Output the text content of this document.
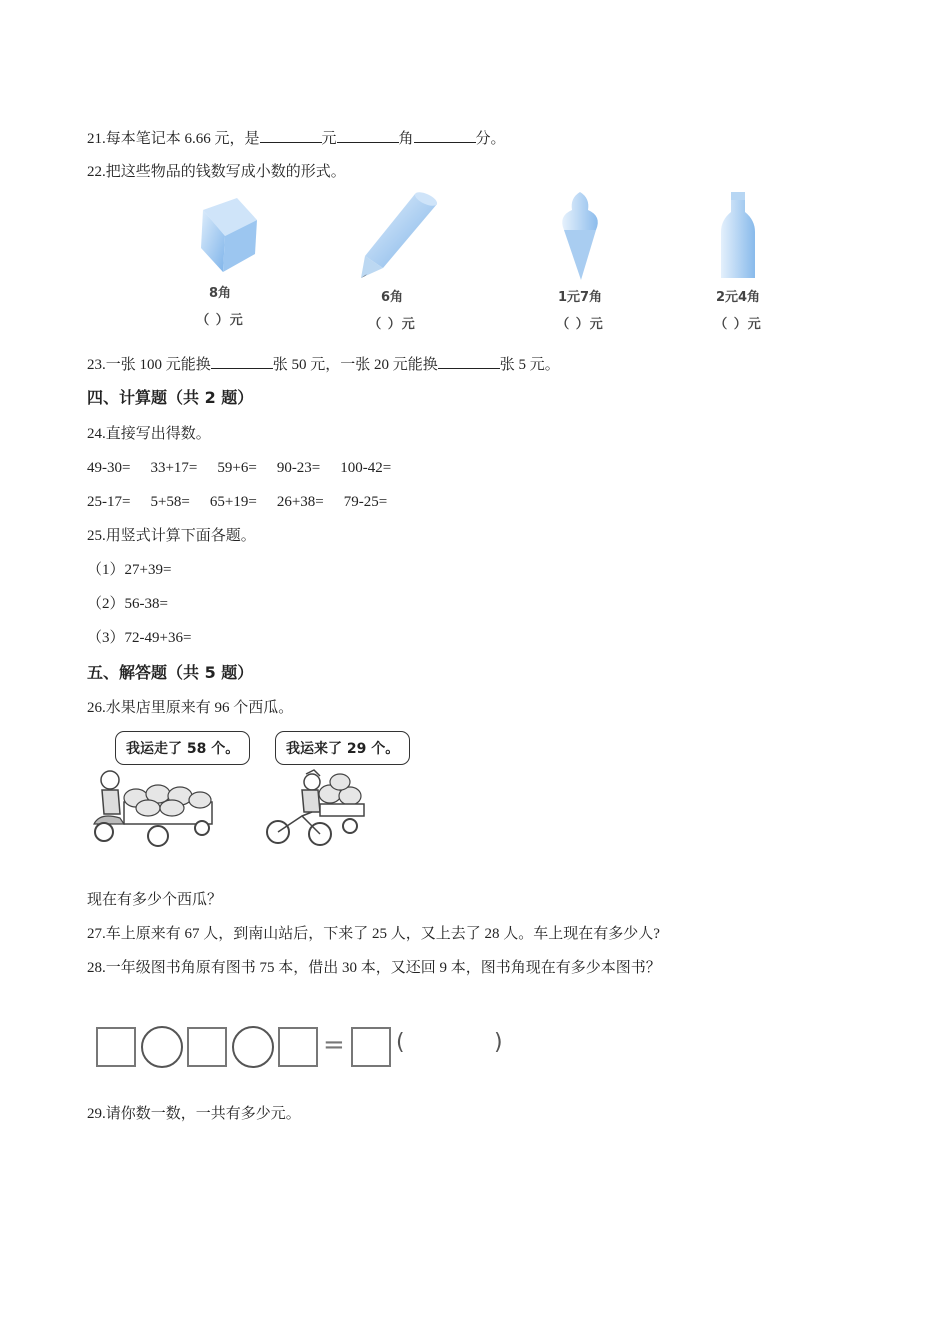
21.每本笔记本 6.66 元，是	元	角	分。
22.把这些物品的钱数写成小数的形式。
8角
（ ）元
6角
（ ）元
1元7角
（ ）元
2元4角
（ ）元
23.一张 100 元能换	张 50 元，一张 20 元能换	张 5 元。
四、计算题（共 2 题）
24.直接写出得数。
49-30= 33+17= 59+6= 90-23= 100-42=
25-17= 5+58= 65+19= 26+38= 79-25=
25.用竖式计算下面各题。
（1）27+39=
（2）56-38=
（3）72-49+36=
五、解答题（共 5 题）
26.水果店里原来有 96 个西瓜。
我运走了 58 个。	我运来了 29 个。
现在有多少个西瓜？
27.车上原来有 67 人，到南山站后，下来了 25 人，又上去了 28 人。车上现在有多少人?
28.一年级图书角原有图书 75 本，借出 30 本，又还回 9 本，图书角现在有多少本图书？
= (	)
29.请你数一数，一共有多少元。
